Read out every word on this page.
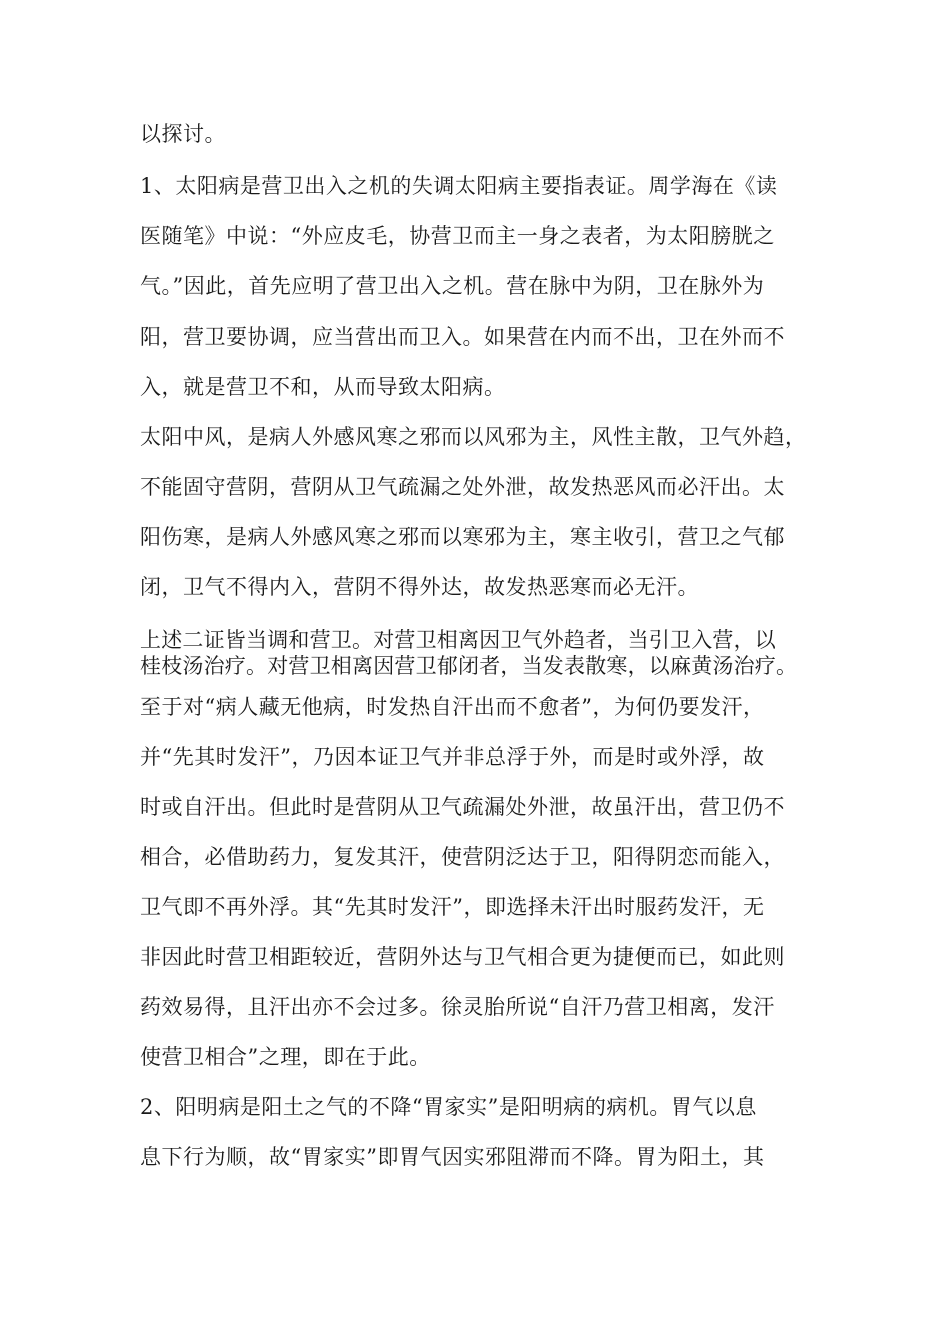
以探讨。
1、太阳病是营卫出入之机的失调太阳病主要指表证。周学海在《读
医随笔》中说：“外应皮毛，协营卫而主一身之表者，为太阳膀胱之
气。”因此，首先应明了营卫出入之机。营在脉中为阴，卫在脉外为
阳，营卫要协调，应当营出而卫入。如果营在内而不出，卫在外而不
入，就是营卫不和，从而导致太阳病。
太阳中风，是病人外感风寒之邪而以风邪为主，风性主散，卫气外趋，
不能固守营阴，营阴从卫气疏漏之处外泄，故发热恶风而必汗出。太
阳伤寒，是病人外感风寒之邪而以寒邪为主，寒主收引，营卫之气郁
闭，卫气不得内入，营阴不得外达，故发热恶寒而必无汗。
上述二证皆当调和营卫。对营卫相离因卫气外趋者，当引卫入营，以
桂枝汤治疗。对营卫相离因营卫郁闭者，当发表散寒，以麻黄汤治疗。
至于对“病人藏无他病，时发热自汗出而不愈者”，为何仍要发汗，
并“先其时发汗”，乃因本证卫气并非总浮于外，而是时或外浮，故
时或自汗出。但此时是营阴从卫气疏漏处外泄，故虽汗出，营卫仍不
相合，必借助药力，复发其汗，使营阴泛达于卫，阳得阴恋而能入，
卫气即不再外浮。其“先其时发汗”，即选择未汗出时服药发汗，无
非因此时营卫相距较近，营阴外达与卫气相合更为捷便而已，如此则
药效易得，且汗出亦不会过多。徐灵胎所说“自汗乃营卫相离，发汗
使营卫相合”之理，即在于此。
2、阳明病是阳土之气的不降“胃家实”是阳明病的病机。胃气以息
息下行为顺，故“胃家实”即胃气因实邪阻滞而不降。胃为阳土，其
